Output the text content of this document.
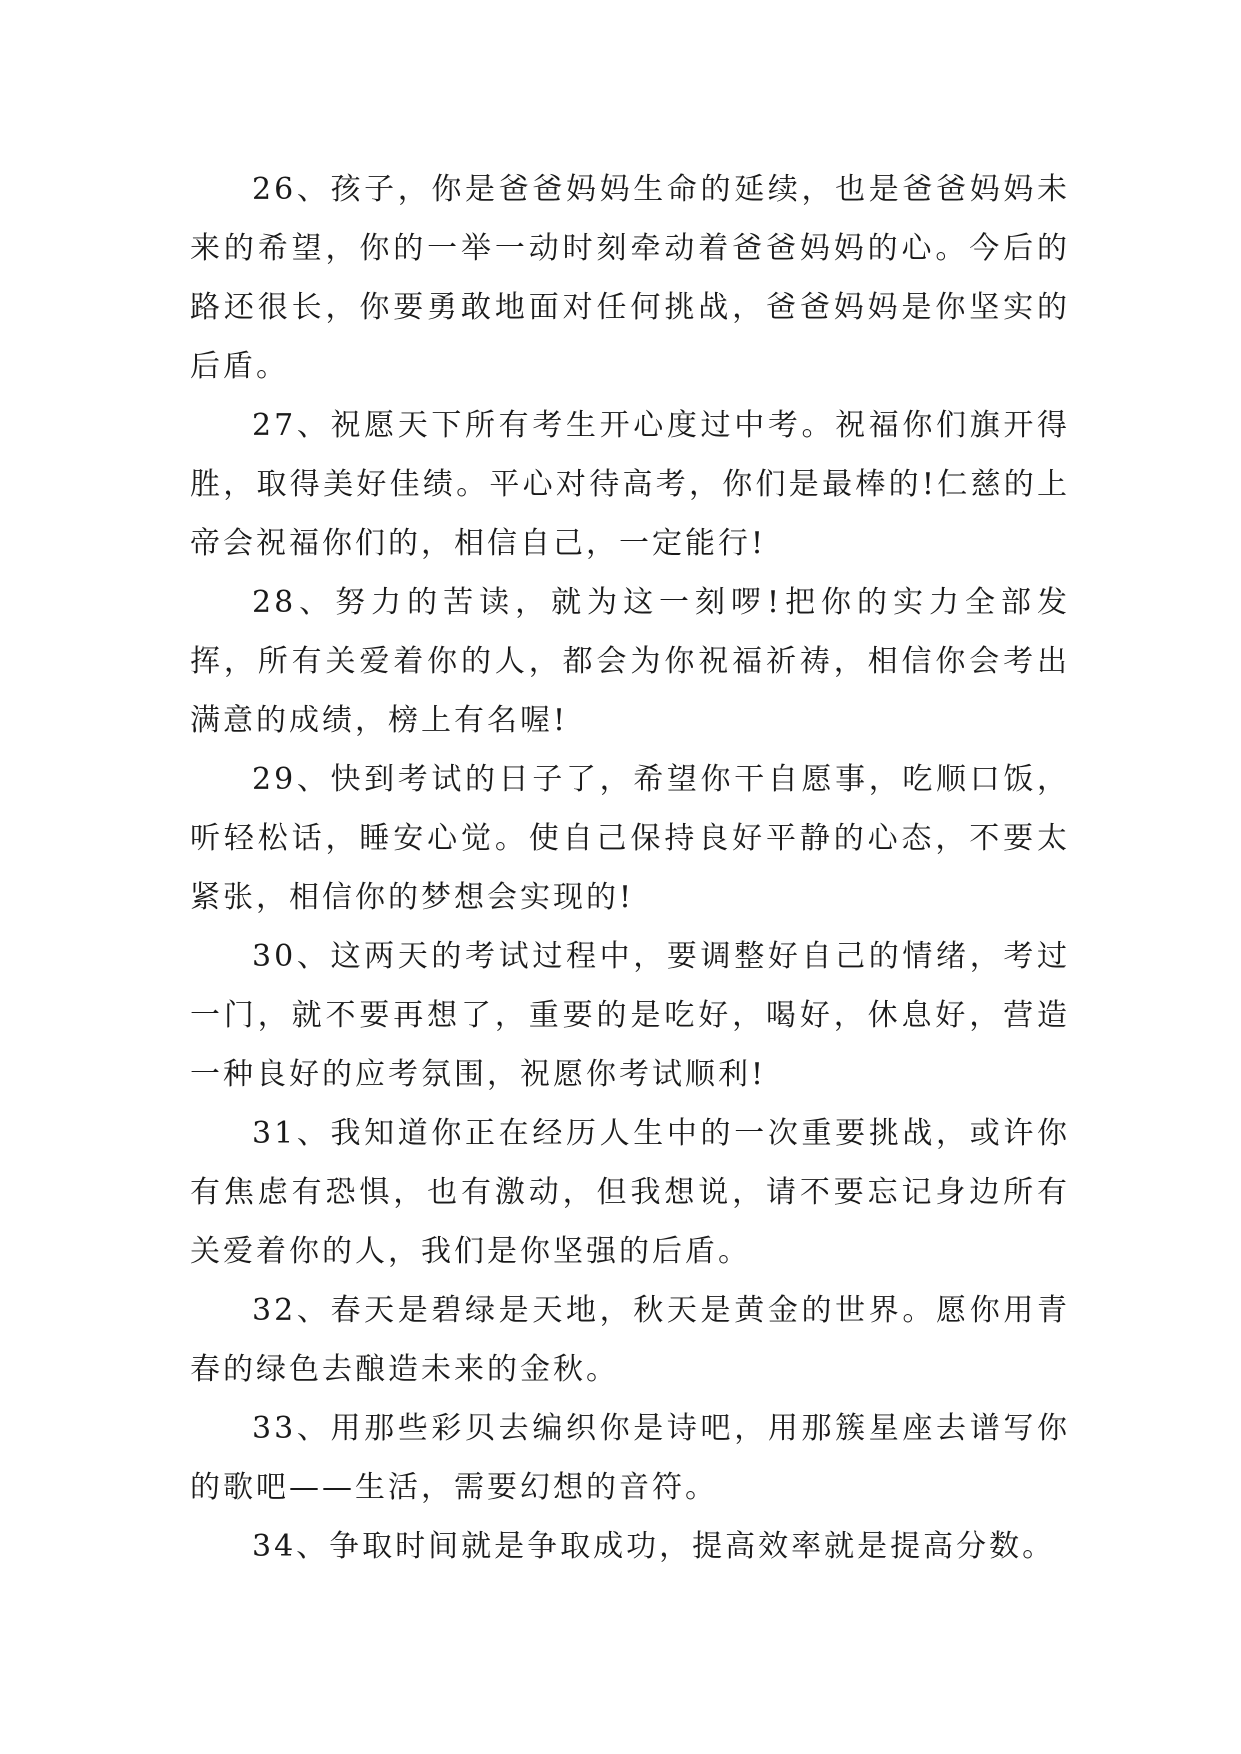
26、孩子，你是爸爸妈妈生命的延续，也是爸爸妈妈未来的希望，你的一举一动时刻牵动着爸爸妈妈的心。今后的路还很长，你要勇敢地面对任何挑战，爸爸妈妈是你坚实的后盾。

27、祝愿天下所有考生开心度过中考。祝福你们旗开得胜，取得美好佳绩。平心对待高考，你们是最棒的!仁慈的上帝会祝福你们的，相信自己，一定能行!

28、努力的苦读，就为这一刻啰!把你的实力全部发挥，所有关爱着你的人，都会为你祝福祈祷，相信你会考出满意的成绩，榜上有名喔!

29、快到考试的日子了，希望你干自愿事，吃顺口饭，听轻松话，睡安心觉。使自己保持良好平静的心态，不要太紧张，相信你的梦想会实现的!

30、这两天的考试过程中，要调整好自己的情绪，考过一门，就不要再想了，重要的是吃好，喝好，休息好，营造一种良好的应考氛围，祝愿你考试顺利!

31、我知道你正在经历人生中的一次重要挑战，或许你有焦虑有恐惧，也有激动，但我想说，请不要忘记身边所有关爱着你的人，我们是你坚强的后盾。

32、春天是碧绿是天地，秋天是黄金的世界。愿你用青春的绿色去酿造未来的金秋。

33、用那些彩贝去编织你是诗吧，用那簇星座去谱写你的歌吧——生活，需要幻想的音符。

34、争取时间就是争取成功，提高效率就是提高分数。
